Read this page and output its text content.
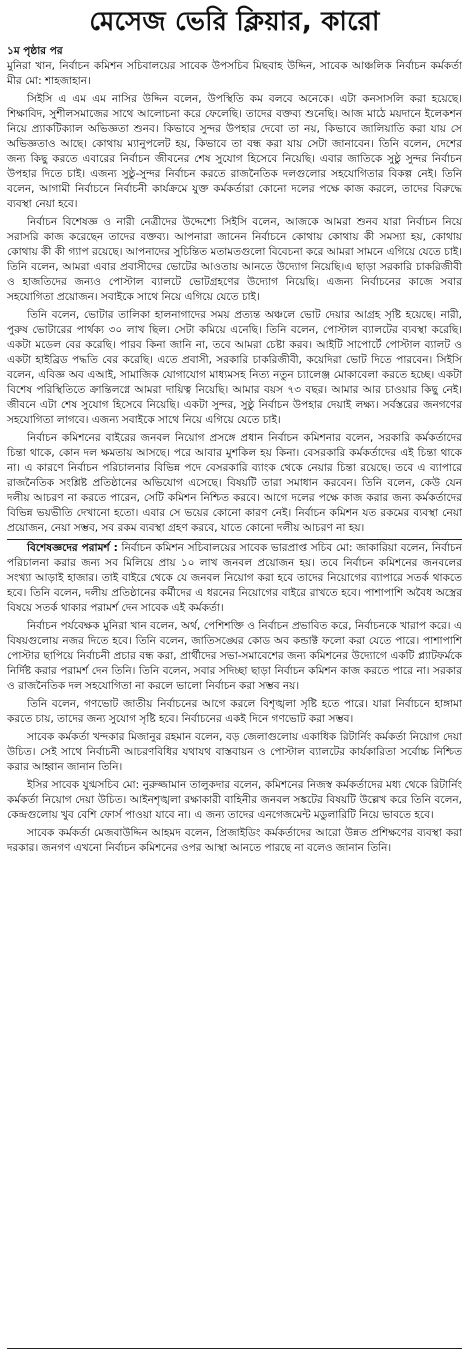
মেসেজ ভেরি ক্লিয়ার, কারো

১ম পৃষ্ঠার পর

মুনিরা খান, নির্বাচন কমিশন সচিবালয়ের সাবেক উপসচিব মিছবাহ উদ্দিন, সাবেক আঞ্চলিক নির্বাচন কর্মকর্তা মীর মো: শাহজাহান।

সিইসি এ এম এম নাসির উদ্দিন বলেন, উপস্থিতি কম বলবে অনেকে। এটা কনসাসলি করা হয়েছে। শিক্ষাবিদ, সুশীলসমাজের সাথে আলোচনা করে ফেলেছি। তাদের বক্তব্য শুনেছি। আজ মাঠে ময়দানে ইলেকশন নিয়ে প্র্যাকটিক্যাল অভিজ্ঞতা শুনব। কিভাবে সুন্দর উপহার দেবো তা নয়, কিভাবে জালিয়াতি করা যায় সে অভিজ্ঞতাও আছে। কোথায় ম্যানুপলেট হয়, কিভাবে তা বন্ধ করা যায় সেটা জানাবেন। তিনি বলেন, দেশের জন্য কিছু করতে এবারের নির্বাচন জীবনের শেষ সুযোগ হিসেবে নিয়েছি। এবার জাতিকে সুষ্ঠু সুন্দর নির্বাচন উপহার দিতে চাই। এজন্য সুষ্ঠু-সুন্দর নির্বাচন করতে রাজনৈতিক দলগুলোর সহযোগিতার বিকল্প নেই। তিনি বলেন, আগামী নির্বাচনে নির্বাচনী কার্যক্রমে যুক্ত কর্মকর্তারা কোনো দলের পক্ষে কাজ করলে, তাদের বিরুদ্ধে ব্যবস্থা নেয়া হবে।

নির্বাচন বিশেষজ্ঞ ও নারী নেত্রীদের উদ্দেশ্যে সিইসি বলেন, আজকে আমরা শুনব যারা নির্বাচন নিয়ে সরাসরি কাজ করেছেন তাদের বক্তব্য। আপনারা জানেন নির্বাচনে কোথায় কোথায় কী সমস্যা হয়, কোথায় কোথায় কী কী গ্যাপ রয়েছে। আপনাদের সুচিন্তিত মতামতগুলো বিবেচনা করে আমরা সামনে এগিয়ে যেতে চাই। তিনি বলেন, আমরা এবার প্রবাসীদের ভোটের আওতায় আনতে উদ্যোগ নিয়েছি।এ ছাড়া সরকারি চাকরিজীবী ও হাজতিদের জন্যও পোস্টাল ব্যালটে ভোটগ্রহণের উদ্যোগ নিয়েছি। এজন্য নির্বাচনের কাজে সবার সহযোগিতা প্রয়োজন। সবাইকে সাথে নিয়ে এগিয়ে যেতে চাই।

তিনি বলেন, ভোটার তালিকা হালনাগাদের সময় প্রত্যন্ত অঞ্চলে ভোট দেয়ার আগ্রহ সৃষ্টি হয়েছে। নারী, পুরুষ ভোটারের পার্থক্য ৩০ লাখ ছিল। সেটা কমিয়ে এনেছি। তিনি বলেন, পোস্টাল ব্যালটের ব্যবস্থা করেছি। একটা মডেল বের করেছি। পারব কিনা জানি না, তবে আমরা চেষ্টা করব। আইটি সাপোর্টে পোস্টাল ব্যালট ও একটা হাইব্রিড পদ্ধতি বের করেছি। এতে প্রবাসী, সরকারি চাকরিজীবী, কয়েদিরা ভোট দিতে পারবেন। সিইসি বলেন, এবিজ্ঞ অব এআই, সামাজিক যোগাযোগ মাধ্যমসহ নিত্য নতুন চ্যালেঞ্জ মোকাবেলা করতে হচ্ছে। একটা বিশেষ পরিস্থিতিতে ক্রান্তিলগ্নে আমরা দায়িত্ব নিয়েছি। আমার বয়স ৭৩ বছর। আমার আর চাওয়ার কিছু নেই। জীবনে এটা শেষ সুযোগ হিসেবে নিয়েছি। একটা সুন্দর, সুষ্ঠু নির্বাচন উপহার দেয়াই লক্ষ্য। সর্বস্তরের জনগণের সহযোগিতা লাগবে। এজন্য সবাইকে সাথে নিয়ে এগিয়ে যেতে চাই।

নির্বাচন কমিশনের বাইরের জনবল নিয়োগ প্রসঙ্গে প্রধান নির্বাচন কমিশনার বলেন, সরকারি কর্মকর্তাদের চিন্তা থাকে, কোন দল ক্ষমতায় আসছে। পরে আবার মুশকিল হয় কিনা। বেসরকারি কর্মকর্তাদের এই চিন্তা থাকে না। এ কারণে নির্বাচন পরিচালনার বিভিন্ন পদে বেসরকারি ব্যাংক থেকে নেয়ার চিন্তা রয়েছে। তবে এ ব্যাপারে রাজনৈতিক সংশ্লিষ্ট প্রতিষ্ঠানের অভিযোগ এসেছে। বিষয়টি তারা সমাধান করবেন। তিনি বলেন, কেউ যেন দলীয় আচরণ না করতে পারেন, সেটি কমিশন নিশ্চিত করবে। আগে দলের পক্ষে কাজ করার জন্য কর্মকর্তাদের বিভিন্ন ভয়ভীতি দেখানো হতো। এবার সে ভয়ের কোনো কারণ নেই। নির্বাচন কমিশন যত রকমের ব্যবস্থা নেয়া প্রয়োজন, নেয়া সম্ভব, সব রকম ব্যবস্থা গ্রহণ করবে, যাতে কোনো দলীয় আচরণ না হয়।

বিশেষজ্ঞদের পরামর্শ : নির্বাচন কমিশন সচিবালয়ের সাবেক ভারপ্রাপ্ত সচিব মো: জাকারিয়া বলেন, নির্বাচন পরিচালনা করার জন্য সব মিলিয়ে প্রায় ১০ লাখ জনবল প্রয়োজন হয়। তবে নির্বাচন কমিশনের জনবলের সংখ্যা আড়াই হাজার। তাই বাইরে থেকে যে জনবল নিয়োগ করা হবে তাদের নিয়োগের ব্যাপারে সতর্ক থাকতে হবে। তিনি বলেন, দলীয় প্রতিষ্ঠানের কর্মীদের এ ধরনের নিয়োগের বাইরে রাখতে হবে। পাশাপাশি অবৈধ অস্ত্রের বিষয়ে সতর্ক থাকার পরামর্শ দেন সাবেক এই কর্মকর্তা।

নির্বাচন পর্যবেক্ষক মুনিরা খান বলেন, অর্থ, পেশিশক্তি ও নির্বাচন প্রভাবিত করে, নির্বাচনকে খারাপ করে। এ বিষয়গুলোয় নজর দিতে হবে। তিনি বলেন, জাতিসঙ্ঘের কোড অব কন্ডাক্ট ফলো করা যেতে পারে। পাশাপাশি পোস্টার ছাপিয়ে নির্বাচনী প্রচার বন্ধ করা, প্রার্থীদের সভা-সমাবেশের জন্য কমিশনের উদ্যোগে একটি প্ল্যাটফর্মকে নির্দিষ্ট করার পরামর্শ দেন তিনি। তিনি বলেন, সবার সদিচ্ছা ছাড়া নির্বাচন কমিশন কাজ করতে পারে না। সরকার ও রাজনৈতিক দল সহযোগিতা না করলে ভালো নির্বাচন করা সম্ভব নয়।

তিনি বলেন, গণভোট জাতীয় নির্বাচনের আগে করলে বিশৃঙ্খলা সৃষ্টি হতে পারে। যারা নির্বাচনে হাঙ্গামা করতে চায়, তাদের জন্য সুযোগ সৃষ্টি হবে। নির্বাচনের একই দিনে গণভোট করা সম্ভব।

সাবেক কর্মকর্তা খন্দকার মিজানুর রহমান বলেন, বড় জেলাগুলোয় একাধিক রিটার্নিং কর্মকর্তা নিয়োগ দেয়া উচিত। সেই সাথে নির্বাচনী আচরণবিধির যথাযথ বাস্তবায়ন ও পোস্টাল ব্যালটের কার্যকারিতা সর্বোচ্চ নিশ্চিত করার আহ্বান জানান তিনি।

ইসির সাবেক যুগ্মসচিব মো: নুরুজ্জামান তালুকদার বলেন, কমিশনের নিজস্ব কর্মকর্তাদের মধ্য থেকে রিটার্নিং কর্মকর্তা নিয়োগ দেয়া উচিত। আইনশৃঙ্খলা রক্ষাকারী বাহিনীর জনবল সঙ্কটের বিষয়টি উল্লেখ করে তিনি বলেন, কেন্দ্রগুলোয় খুব বেশি ফোর্স পাওয়া যাবে না। এ জন্য তাদের এনগেজমেন্ট মডুলারিটি নিয়ে ভাবতে হবে।

সাবেক কর্মকর্তা মেজবাউদ্দিন আহমদ বলেন, প্রিজাইডিং কর্মকর্তাদের আরো উন্নত প্রশিক্ষণের ব্যবস্থা করা দরকার। জনগণ এখনো নির্বাচন কমিশনের ওপর আস্থা আনতে পারছে না বলেও জানান তিনি।
